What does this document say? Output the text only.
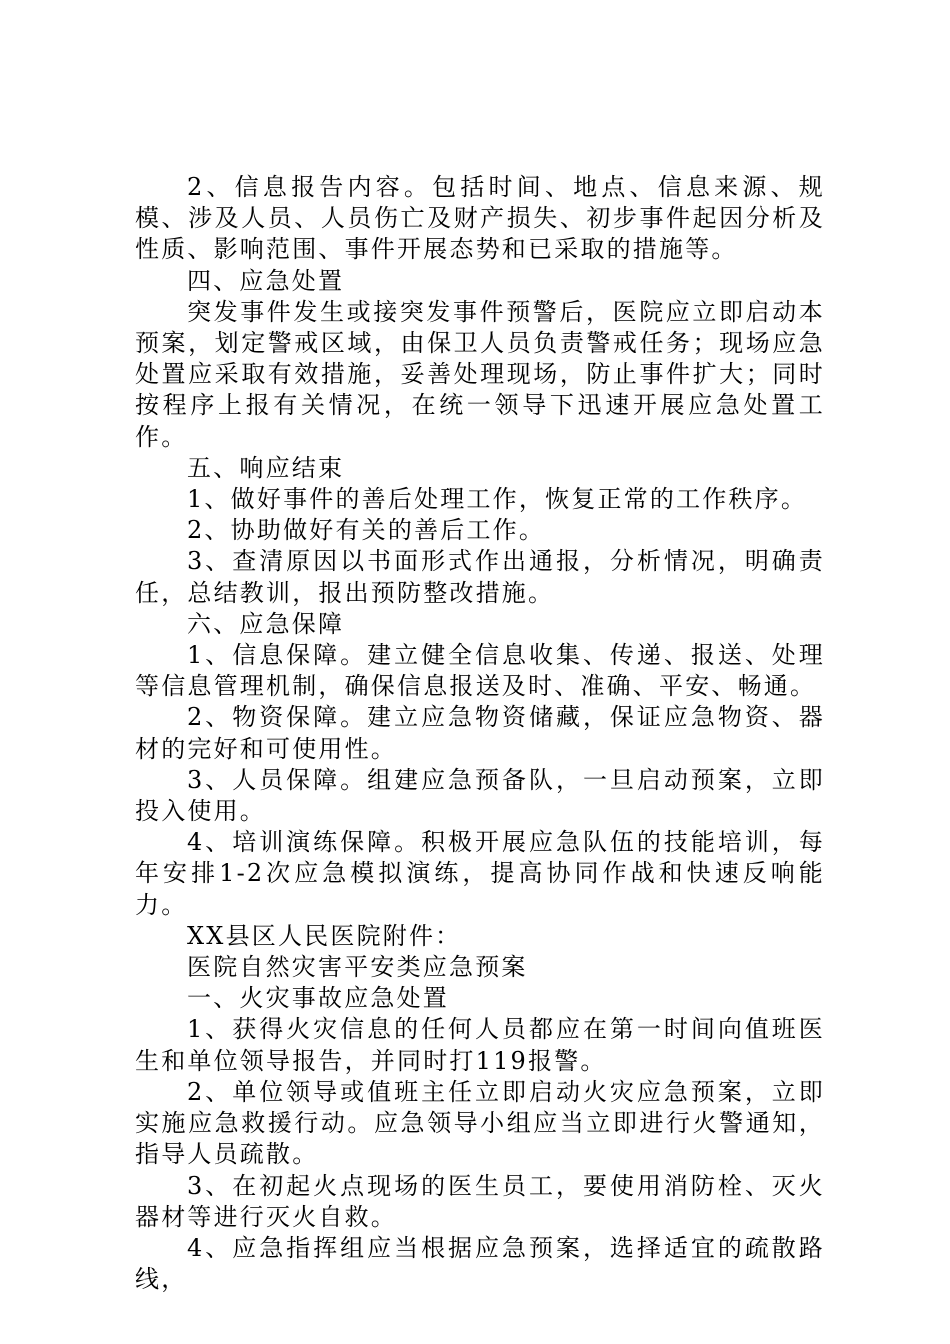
2、信息报告内容。包括时间、地点、信息来源、规模、涉及人员、人员伤亡及财产损失、初步事件起因分析及性质、影响范围、事件开展态势和已采取的措施等。

四、应急处置

突发事件发生或接突发事件预警后，医院应立即启动本预案，划定警戒区域，由保卫人员负责警戒任务；现场应急处置应采取有效措施，妥善处理现场，防止事件扩大；同时按程序上报有关情况，在统一领导下迅速开展应急处置工作。

五、响应结束

1、做好事件的善后处理工作，恢复正常的工作秩序。

2、协助做好有关的善后工作。

3、查清原因以书面形式作出通报，分析情况，明确责任，总结教训，报出预防整改措施。

六、应急保障

1、信息保障。建立健全信息收集、传递、报送、处理等信息管理机制，确保信息报送及时、准确、平安、畅通。

2、物资保障。建立应急物资储藏，保证应急物资、器材的完好和可使用性。

3、人员保障。组建应急预备队，一旦启动预案，立即投入使用。

4、培训演练保障。积极开展应急队伍的技能培训，每年安排1-2次应急模拟演练，提高协同作战和快速反响能力。

XX县区人民医院附件：

医院自然灾害平安类应急预案

一、火灾事故应急处置

1、获得火灾信息的任何人员都应在第一时间向值班医生和单位领导报告，并同时打119报警。

2、单位领导或值班主任立即启动火灾应急预案，立即实施应急救援行动。应急领导小组应当立即进行火警通知，指导人员疏散。

3、在初起火点现场的医生员工，要使用消防栓、灭火器材等进行灭火自救。

4、应急指挥组应当根据应急预案，选择适宜的疏散路线，
